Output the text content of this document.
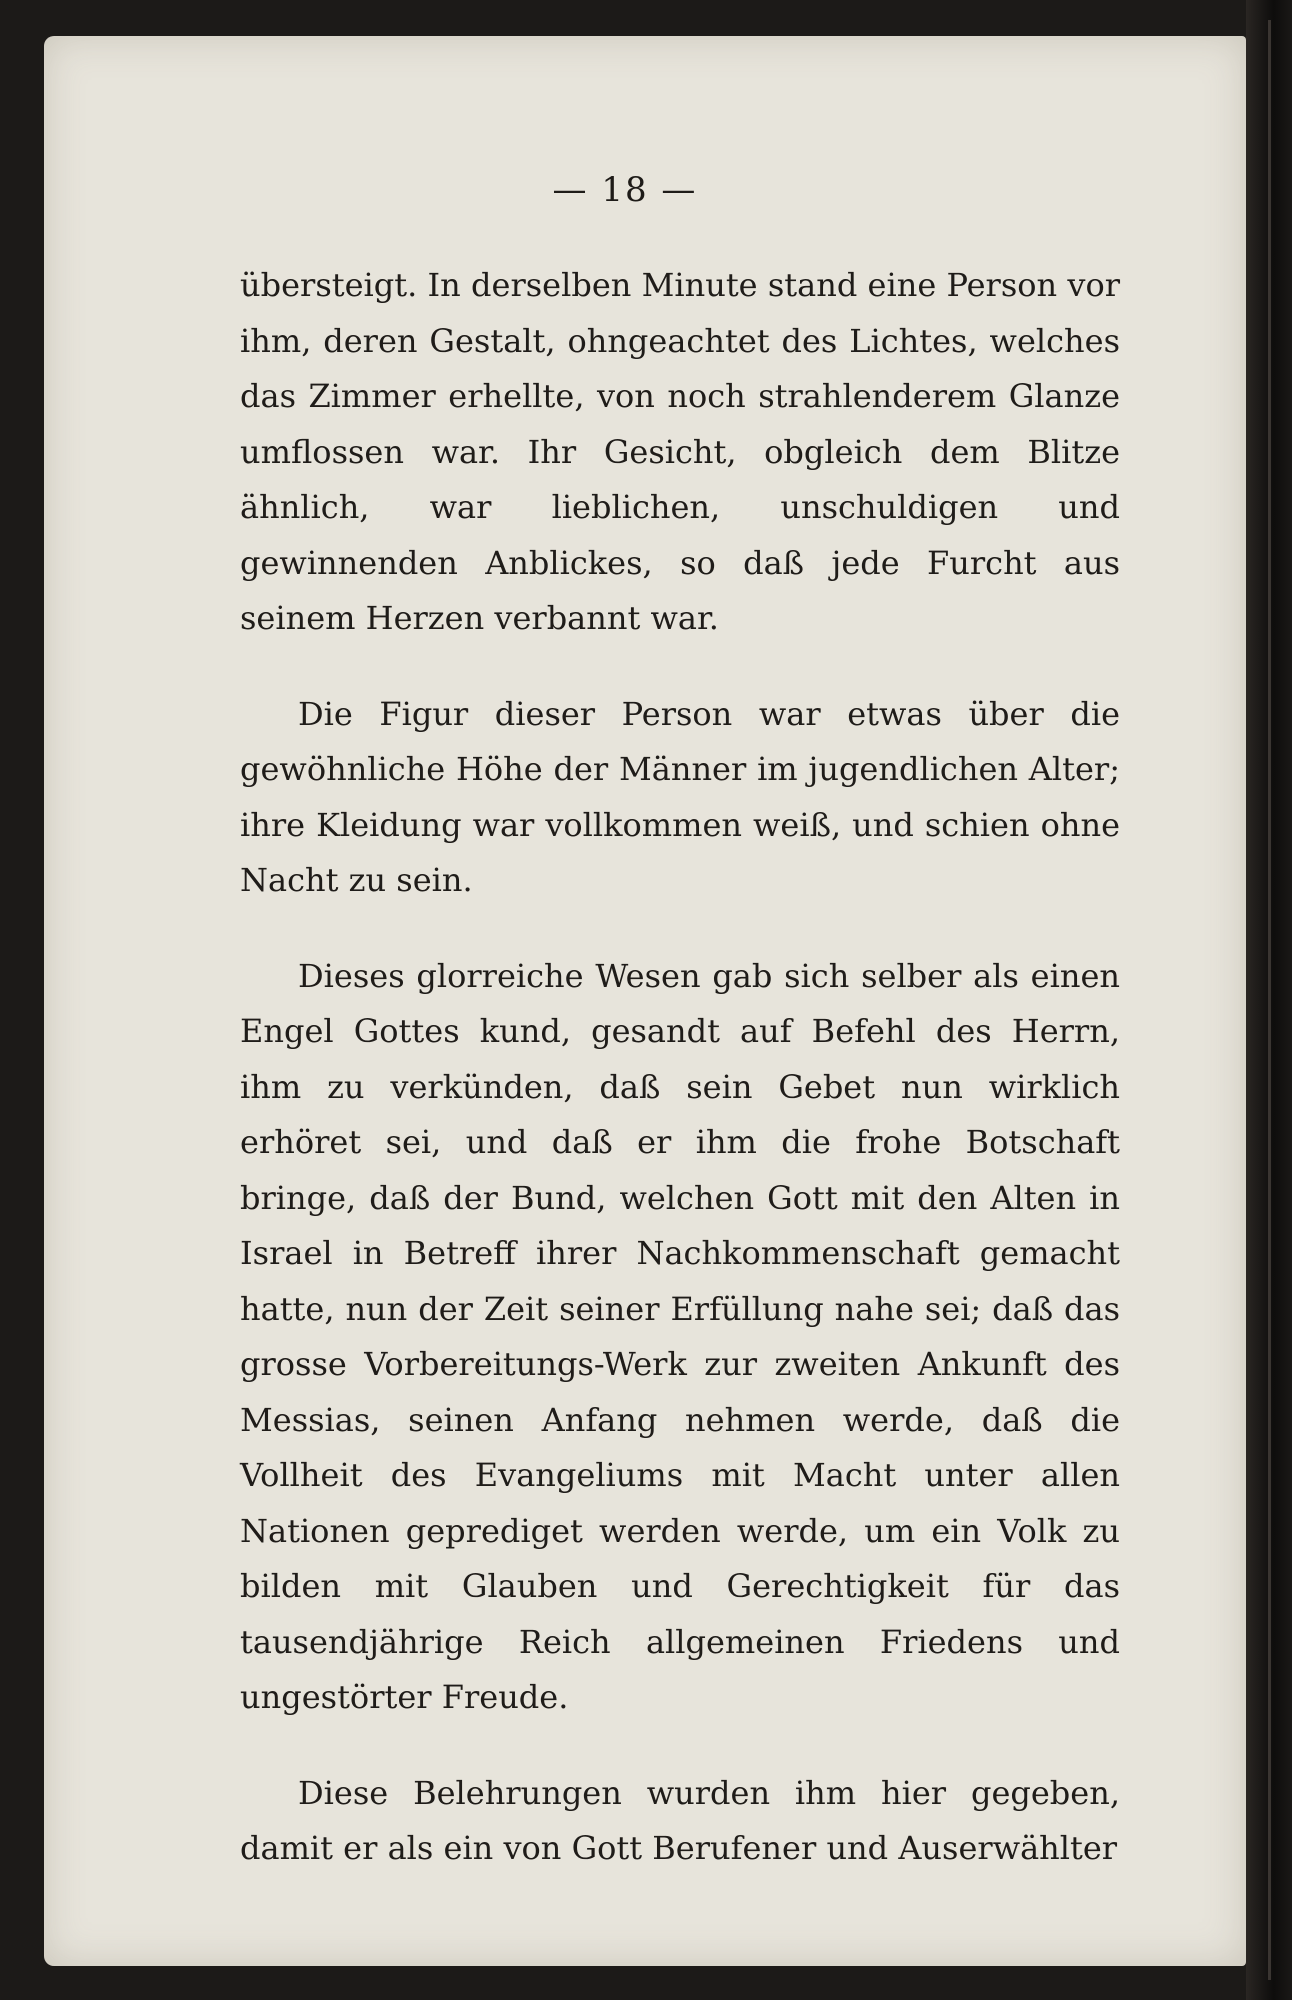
— 18 —

übersteigt. In derselben Minute stand eine Person vor ihm, deren Gestalt, ohngeachtet des Lichtes, welches das Zimmer erhellte, von noch strahlenderem Glanze umflossen war. Ihr Gesicht, obgleich dem Blitze ähnlich, war lieblichen, unschuldigen und gewinnenden Anblickes, so daß jede Furcht aus seinem Herzen verbannt war.

Die Figur dieser Person war etwas über die gewöhnliche Höhe der Männer im jugendlichen Alter; ihre Kleidung war vollkommen weiß, und schien ohne Nacht zu sein.

Dieses glorreiche Wesen gab sich selber als einen Engel Gottes kund, gesandt auf Befehl des Herrn, ihm zu verkünden, daß sein Gebet nun wirklich erhöret sei, und daß er ihm die frohe Botschaft bringe, daß der Bund, welchen Gott mit den Alten in Israel in Betreff ihrer Nachkommenschaft gemacht hatte, nun der Zeit seiner Erfüllung nahe sei; daß das grosse Vorbereitungs-Werk zur zweiten Ankunft des Messias, seinen Anfang nehmen werde, daß die Vollheit des Evangeliums mit Macht unter allen Nationen geprediget werden werde, um ein Volk zu bilden mit Glauben und Gerechtigkeit für das tausendjährige Reich allgemeinen Friedens und ungestörter Freude.

Diese Belehrungen wurden ihm hier gegeben, damit er als ein von Gott Berufener und Auserwählter
